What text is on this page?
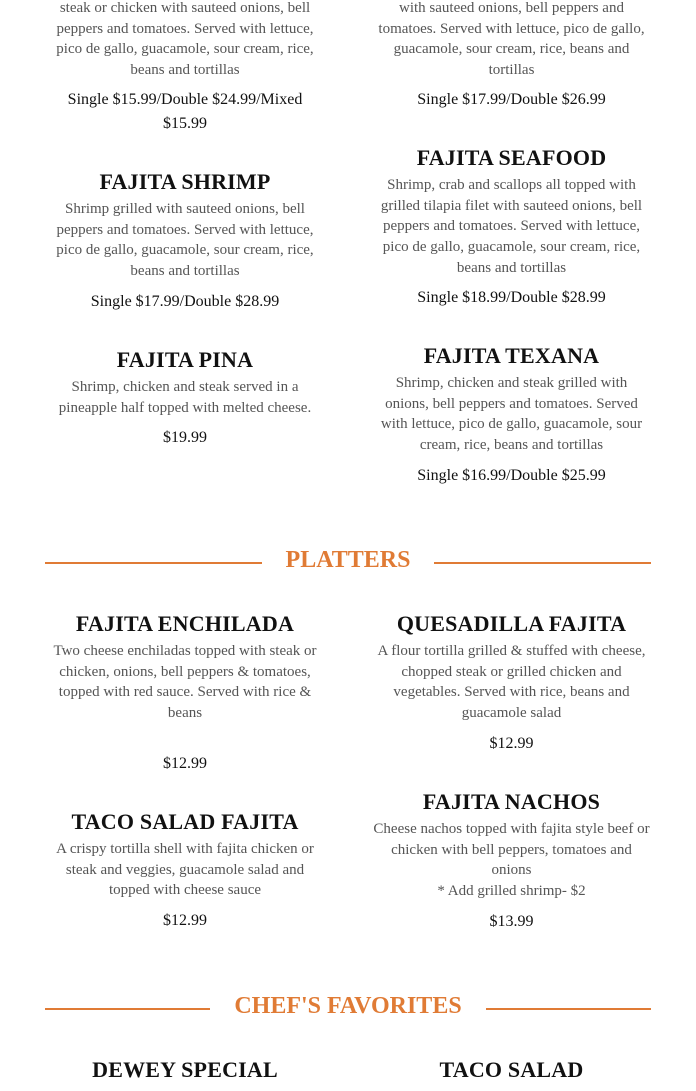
steak or chicken with sauteed onions, bell
peppers and tomatoes. Served with lettuce,
pico de gallo, guacamole, sour cream, rice,
beans and tortillas
Single $15.99/Double $24.99/Mixed
$15.99
with sauteed onions, bell peppers and
tomatoes. Served with lettuce, pico de gallo,
guacamole, sour cream, rice, beans and
tortillas
Single $17.99/Double $26.99
FAJITA SHRIMP
Shrimp grilled with sauteed onions, bell
peppers and tomatoes. Served with lettuce,
pico de gallo, guacamole, sour cream, rice,
beans and tortillas
Single $17.99/Double $28.99
FAJITA SEAFOOD
Shrimp, crab and scallops all topped with
grilled tilapia filet with sauteed onions, bell
peppers and tomatoes. Served with lettuce,
pico de gallo, guacamole, sour cream, rice,
beans and tortillas
Single $18.99/Double $28.99
FAJITA PINA
Shrimp, chicken and steak served in a
pineapple half topped with melted cheese.
$19.99
FAJITA TEXANA
Shrimp, chicken and steak grilled with
onions, bell peppers and tomatoes. Served
with lettuce, pico de gallo, guacamole, sour
cream, rice, beans and tortillas
Single $16.99/Double $25.99
PLATTERS
FAJITA ENCHILADA
Two cheese enchiladas topped with steak or
chicken, onions, bell peppers & tomatoes,
topped with red sauce. Served with rice &
beans
$12.99
QUESADILLA FAJITA
A flour tortilla grilled & stuffed with cheese,
chopped steak or grilled chicken and
vegetables. Served with rice, beans and
guacamole salad
$12.99
TACO SALAD FAJITA
A crispy tortilla shell with fajita chicken or
steak and veggies, guacamole salad and
topped with cheese sauce
$12.99
FAJITA NACHOS
Cheese nachos topped with fajita style beef or
chicken with bell peppers, tomatoes and
onions
* Add grilled shrimp- $2
$13.99
CHEF'S FAVORITES
DEWEY SPECIAL	TACO SALAD
